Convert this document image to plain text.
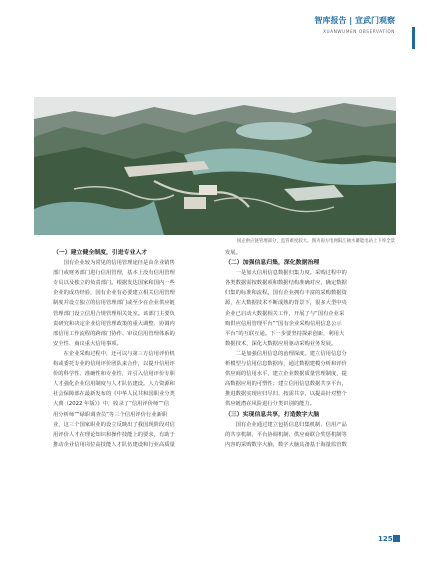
智库报告 | 宣武门观察
XUANWUMEN OBSERVATION
国企供应链管理部分，监管难度较大。图为南方电网阳江抽水蓄能电站上下库全景
（一）建立健全制度，引进专业人才
国有企业较为常见的信用管理途径是由企业销售
部门或财务部门进行信用管理，基本上没有信用管理
专员以及独立的负责部门。根据发达国家和国内一些
企业的成功经验，国有企业有必要建立相关信用管理
制度并设立独立的信用管理部门或至少在企业供应链
管理部门设立信用合规管理相关处室。该部门主要负
责研究和决定企业信用管理政策的重大调整、协调内
部信用工作流程的跨部门协作、审议信用管理体系的
安全性、商议重大信用事项。
在企业采购过程中，还可以与第三方信用评价机
构或委托专业的信用评价团队来合作，以提升信用评
价的科学性、准确性和专业性，并引入信用评价专职
人才强化企业信用制度与人才队伍建设。人力资源和
社会保障部在最新发布的《中华人民共和国职业分类
大典（2022 年版）》中，收录了“信用评价师”“信
用分析师”“绿职调查员”等三个信用评价行业新职
业，这三个国家职业的设立反映出了我国现阶段对信
用评价人才在理论知识和操作技能上的要求，有助于
推动企业信用岗位高技能人才队伍建设和行业高质量
发展。
（二）加强信息归集，深化数据治理
一是加大信用信息数据归集力度。采购过程中的
各类数据需按数据项和数据结构准确对应，确定数据
归集的标准和流程。国有企业拥有丰富的采购数据资
源，在大数据技术不断成熟的背景下，很多大型中央
企业已启动大数据相关工作，开展了与“国有企业采
购供应信用管理平台”“国有企业采购信用信息公示
平台”的互联互通。下一步要坚持探索创新，利用大
数据技术，深化大数据应用驱动采购业务发展。
二是加强信用信息的治理深度。建立信用信息分
析模型与信用信息数据库，通过数据建模分析和评价
供应商的信用水平，建立企业数据质量管理制度，提
高数据应用的可塑性；建立信用信息数据共享平台，
推进数据实现应归尽归、按需共享，以提高针对整个
供应链潜在风险进行分类识别的能力。
（三）实现信息共享，打造数字大脑
国有企业通过建立包括信息归集机制、信用产品
的共享机制、平台协调机制、供应商联合奖惩机制等
内容的采购数字大脑，数字大脑具备基于海量监管数
125
